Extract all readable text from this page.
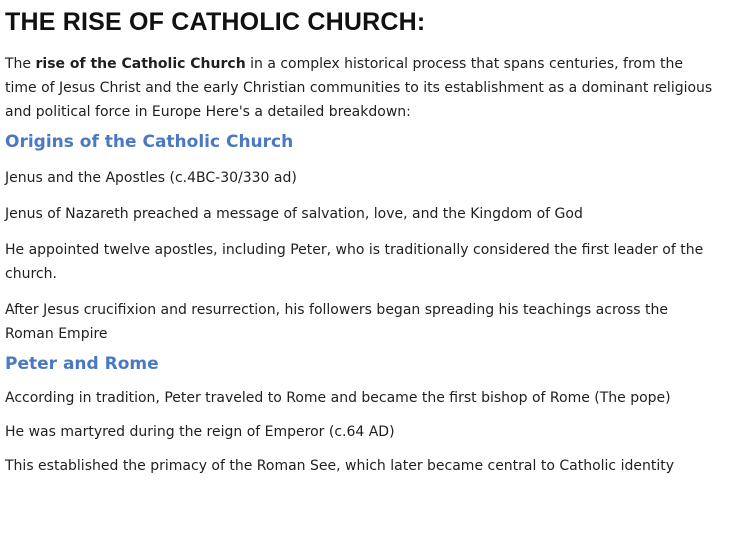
THE RISE OF CATHOLIC CHURCH:

The rise of the Catholic Church in a complex historical process that spans centuries, from the time of Jesus Christ and the early Christian communities to its establishment as a dominant religious and political force in Europe Here's a detailed breakdown:

Origins of the Catholic Church

Jenus and the Apostles (c.4BC-30/330 ad)

Jenus of Nazareth preached a message of salvation, love, and the Kingdom of God

He appointed twelve apostles, including Peter, who is traditionally considered the first leader of the church.

After Jesus crucifixion and resurrection, his followers began spreading his teachings across the Roman Empire

Peter and Rome

According in tradition, Peter traveled to Rome and became the first bishop of Rome (The pope)

He was martyred during the reign of Emperor (c.64 AD)

This established the primacy of the Roman See, which later became central to Catholic identity
